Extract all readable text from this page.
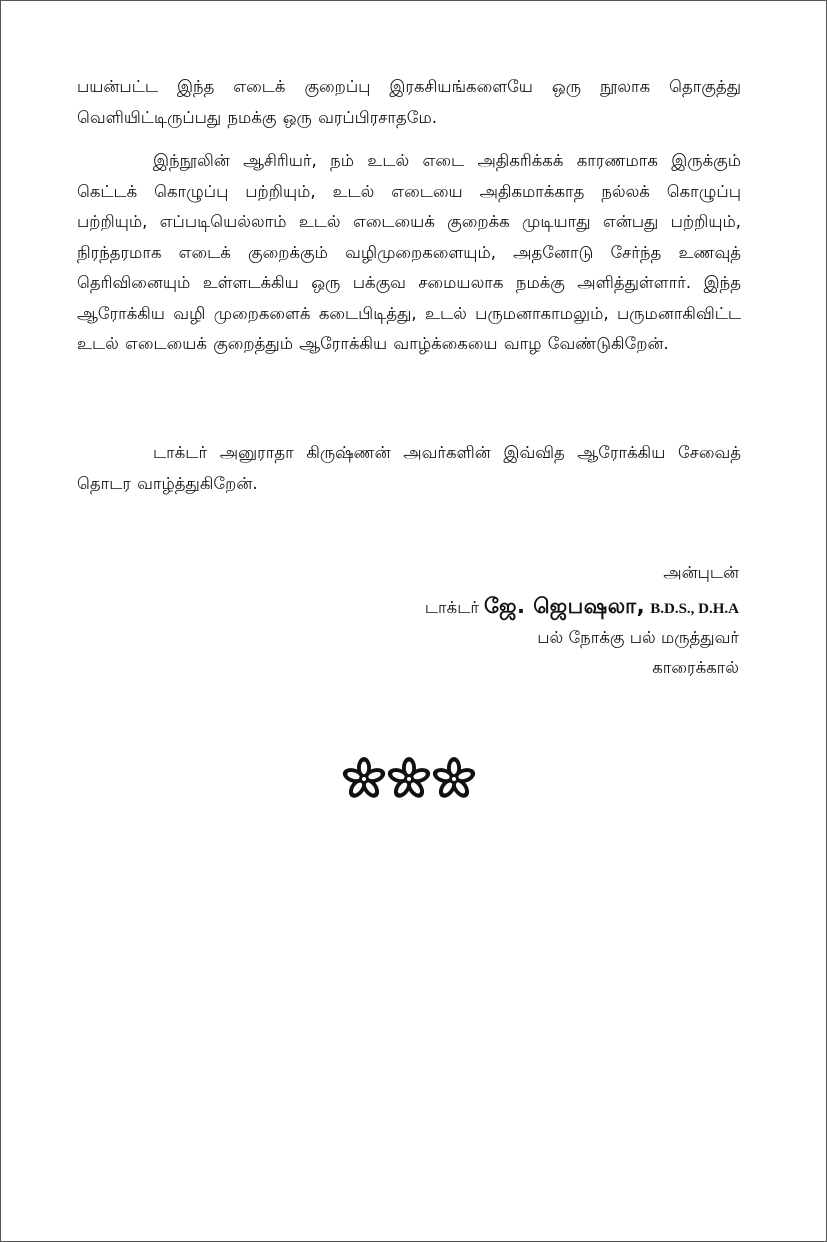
பயன்பட்ட இந்த எடைக் குறைப்பு இரகசியங்களையே ஒரு நூலாக தொகுத்து வெளியிட்டிருப்பது நமக்கு ஒரு வரப்பிரசாதமே.

இந்நூலின் ஆசிரியர், நம் உடல் எடை அதிகரிக்கக் காரணமாக இருக்கும் கெட்டக் கொழுப்பு பற்றியும், உடல் எடையை அதிகமாக்காத நல்லக் கொழுப்பு பற்றியும், எப்படியெல்லாம் உடல் எடையைக் குறைக்க முடியாது என்பது பற்றியும், நிரந்தரமாக எடைக் குறைக்கும் வழிமுறைகளையும், அதனோடு சேர்ந்த உணவுத் தெரிவினையும் உள்ளடக்கிய ஒரு பக்குவ சமையலாக நமக்கு அளித்துள்ளார். இந்த ஆரோக்கிய வழி முறைகளைக் கடைபிடித்து, உடல் பருமனாகாமலும், பருமனாகிவிட்ட உடல் எடையைக் குறைத்தும் ஆரோக்கிய வாழ்க்கையை வாழ வேண்டுகிறேன்.

டாக்டர் அனுராதா கிருஷ்ணன் அவர்களின் இவ்வித ஆரோக்கிய சேவைத் தொடர வாழ்த்துகிறேன்.

அன்புடன்

டாக்டர் ஜே. ஜெபஷலா, B.D.S., D.H.A

பல் நோக்கு பல் மருத்துவர்

காரைக்கால்
